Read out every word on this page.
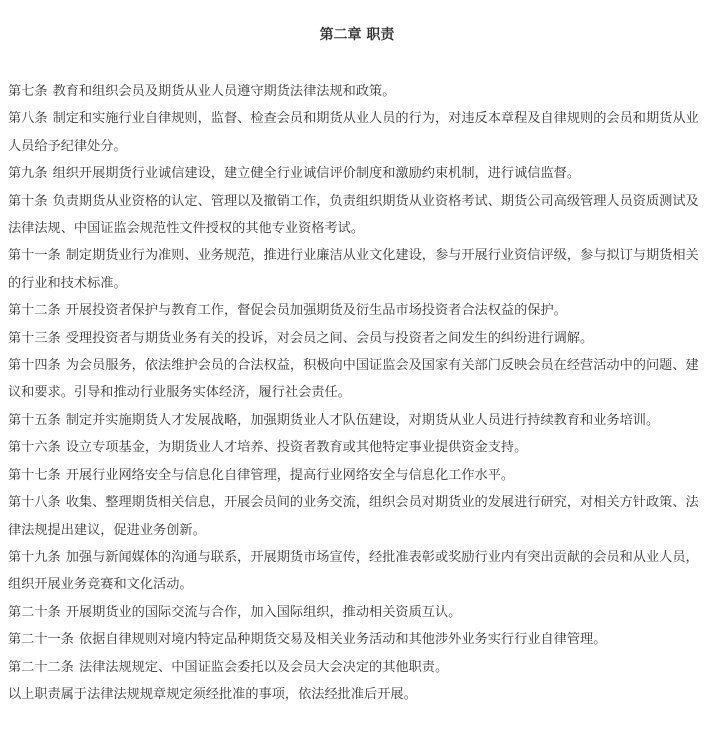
第二章 职责

第七条 教育和组织会员及期货从业人员遵守期货法律法规和政策。

第八条 制定和实施行业自律规则，监督、检查会员和期货从业人员的行为，对违反本章程及自律规则的会员和期货从业人员给予纪律处分。

第九条 组织开展期货行业诚信建设，建立健全行业诚信评价制度和激励约束机制，进行诚信监督。

第十条 负责期货从业资格的认定、管理以及撤销工作，负责组织期货从业资格考试、期货公司高级管理人员资质测试及法律法规、中国证监会规范性文件授权的其他专业资格考试。

第十一条 制定期货业行为准则、业务规范，推进行业廉洁从业文化建设，参与开展行业资信评级，参与拟订与期货相关的行业和技术标准。

第十二条 开展投资者保护与教育工作，督促会员加强期货及衍生品市场投资者合法权益的保护。

第十三条 受理投资者与期货业务有关的投诉，对会员之间、会员与投资者之间发生的纠纷进行调解。

第十四条 为会员服务，依法维护会员的合法权益，积极向中国证监会及国家有关部门反映会员在经营活动中的问题、建议和要求。引导和推动行业服务实体经济，履行社会责任。

第十五条 制定并实施期货人才发展战略，加强期货业人才队伍建设，对期货从业人员进行持续教育和业务培训。

第十六条 设立专项基金，为期货业人才培养、投资者教育或其他特定事业提供资金支持。

第十七条 开展行业网络安全与信息化自律管理，提高行业网络安全与信息化工作水平。

第十八条 收集、整理期货相关信息，开展会员间的业务交流，组织会员对期货业的发展进行研究，对相关方针政策、法律法规提出建议，促进业务创新。

第十九条 加强与新闻媒体的沟通与联系，开展期货市场宣传，经批准表彰或奖励行业内有突出贡献的会员和从业人员，组织开展业务竞赛和文化活动。

第二十条 开展期货业的国际交流与合作，加入国际组织，推动相关资质互认。

第二十一条 依据自律规则对境内特定品种期货交易及相关业务活动和其他涉外业务实行行业自律管理。

第二十二条 法律法规规定、中国证监会委托以及会员大会决定的其他职责。

以上职责属于法律法规规章规定须经批准的事项，依法经批准后开展。
